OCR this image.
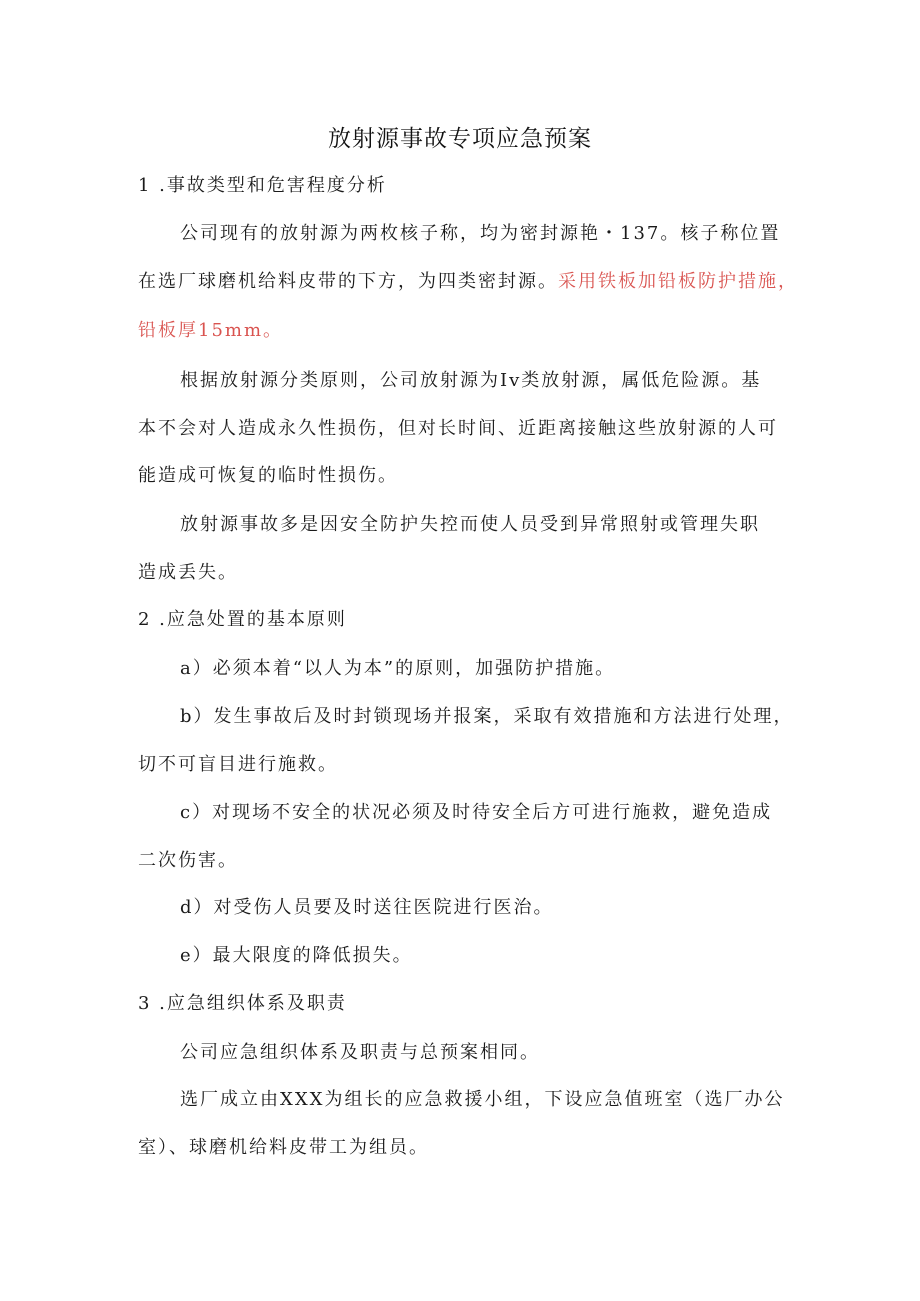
放射源事故专项应急预案
1 .事故类型和危害程度分析
公司现有的放射源为两枚核子称，均为密封源艳・137。核子称位置
在选厂球磨机给料皮带的下方，为四类密封源。采用铁板加铅板防护措施，
铅板厚15mm。
根据放射源分类原则，公司放射源为Iv类放射源，属低危险源。基
本不会对人造成永久性损伤，但对长时间、近距离接触这些放射源的人可
能造成可恢复的临时性损伤。
放射源事故多是因安全防护失控而使人员受到异常照射或管理失职
造成丢失。
2 .应急处置的基本原则
a）必须本着“以人为本”的原则，加强防护措施。
b）发生事故后及时封锁现场并报案，采取有效措施和方法进行处理，
切不可盲目进行施救。
c）对现场不安全的状况必须及时待安全后方可进行施救，避免造成
二次伤害。
d）对受伤人员要及时送往医院进行医治。
e）最大限度的降低损失。
3 .应急组织体系及职责
公司应急组织体系及职责与总预案相同。
选厂成立由XXX为组长的应急救援小组，下设应急值班室（选厂办公
室）、球磨机给料皮带工为组员。
